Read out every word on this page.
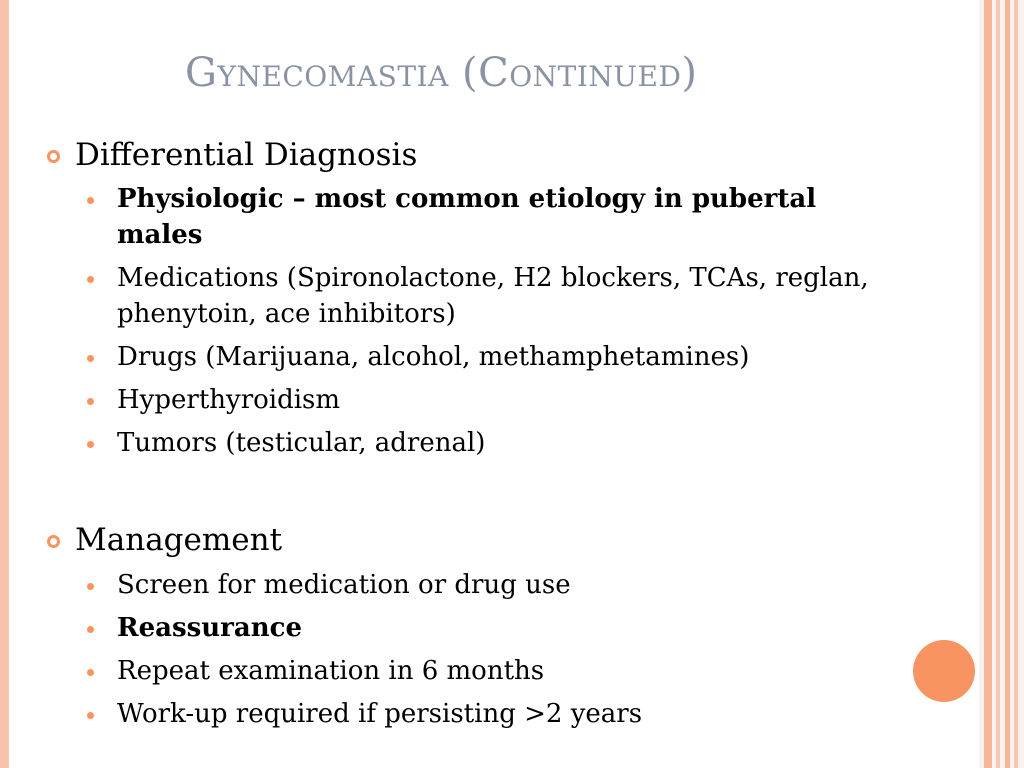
Gynecomastia (Continued)
Differential Diagnosis
Physiologic – most common etiology in pubertal
males
Medications (Spironolactone, H2 blockers, TCAs, reglan,
phenytoin, ace inhibitors)
Drugs (Marijuana, alcohol, methamphetamines)
Hyperthyroidism
Tumors (testicular, adrenal)
Management
Screen for medication or drug use
Reassurance
Repeat examination in 6 months
Work-up required if persisting >2 years
